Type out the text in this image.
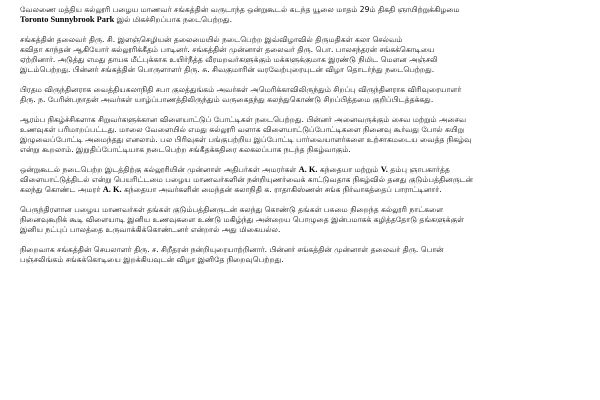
வேலணை மத்திய கல்லூரி பழைய மாணவர் சங்கத்தின் வருடாந்த ஒன்றுகூடல் கடந்த யூலை மாதம் 29ம் திகதி ஞாயிற்றுக்கிழமை
Toronto Sunnybrook Park இல் மிகச்சிறப்பாக நடைபெற்றது.
சங்கத்தின் தலைவர் திரு. சி. இளஞ்செழியன் தலைமையில் நடைபெற்ற இவ்விழாவில் திருமதிகள் கலா செல்வம்
கவிதா காந்தன் ஆகியோர் கல்லூரிக்கீதம் பாடினர். சங்கத்தின் முன்னாள் தலைவர் திரு. பொ. பாலசந்தரன் சங்கக்கொடியை
ஏற்றினார். அடுத்து எமது தாயக மீட்புக்காக உயிர்நீத்த வீரமறவர்களுக்கும் மக்களுக்குமாக இரண்டு நிமிட மௌன அஞ்சலி
இடம்பெற்றது. பின்னர் சங்கத்தின் பொருளாளர் திரு. சு. சிவகுமாரின் வரவேற்புரையுடன் விழா தொடர்ந்து நடைபெற்றது.
பிரதம விருந்தினராக வைத்தியகலாநிதி சபா குலத்துங்கம் அவர்கள் அமெரிக்காவிலிருந்தும் சிறப்பு விருந்தினராக விரிவுரையாளர்
திரு. ந. பேரின்பநாதன் அவர்கள் யாழ்ப்பாணத்திலிருந்தும் வருகைதந்து கலந்துகொண்டு சிறப்பித்தமை குறிப்பிடத்தக்கது.
ஆரம்ப நிகழ்ச்சிகளாக சிறுவர்களுக்கான விளையாட்டுப் போட்டிகள் நடைபெற்றது. பின்னர் அனைவருக்கும் சைவ மற்றும் அசைவ
உணவுகள் பரிமாறப்பட்டது. மாலை வேளையில் எமது கல்லூரி வளாக விளையாட்டுப்போட்டிகளை நினைவு கூர்வது போல் கயிறு
இழுவைப்போட்டி அமைந்தது எனலாம். பல பிரிவுகள் பங்குபற்றிய இப்போட்டி பார்வையாளர்களை உற்சாகமடைய வைத்த நிகழ்வு
என்று கூறலாம். இறுதிப்போட்டியாக நடைபெற்ற சங்கீதக்கதிரை கலகலப்பாக நடந்த நிகழ்வாகும்.
ஒன்றுகூடல் நடைபெற்ற இடத்திற்கு கல்லூரியின் முன்னாள் அதிபர்கள் அமரர்கள் A. K. கந்தையா மற்றும் V. தம்பு ஞாபகார்த்த
விளையாட்டுத்திடல் என்று பெயரிட்டமை பழைய மாணவர்களின் நன்றியுணர்வைக் காட்டுவதாக நிகழ்வில் தனது குடும்பத்தினருடன்
கலந்து கொண்ட அமரர் A. K. கந்தையா அவர்களின் மைந்தன் கலாநிதி க. ராதாகிஸ்ணன் சங்க நிர்வாகத்தைப் பாராட்டினார்.
பெருந்திரளான பழைய மாணவர்கள் தங்கள் குடும்பத்தினருடன் கலந்து கொண்டு தங்கள் பசுமை நிறைந்த கல்லூரி நாட்களை
நினைவுகூறிக் கூடி விளையாடி இனிய உணவுகளை உண்டு மகிழ்ந்து அன்றைய பொழுதை இன்பமாகக் கழித்ததோடு தங்களுக்குள்
இனிய நட்புப் பாலத்தை உருவாக்கிக்கொண்டனர் என்றால் அது மிகையல்ல.
நிறைவாக சங்கத்தின் செயலாளர் திரு. ச. சிறீதரன் நன்றியுரையாற்றினார். பின்னர் சங்கத்தின் முன்னாள் தலைவர் திரு. பொன்
பஞ்சலிங்கம் சங்கக்கொடியை இறக்கியவுடன் விழா இனிதே நிறைவுபெற்றது.
